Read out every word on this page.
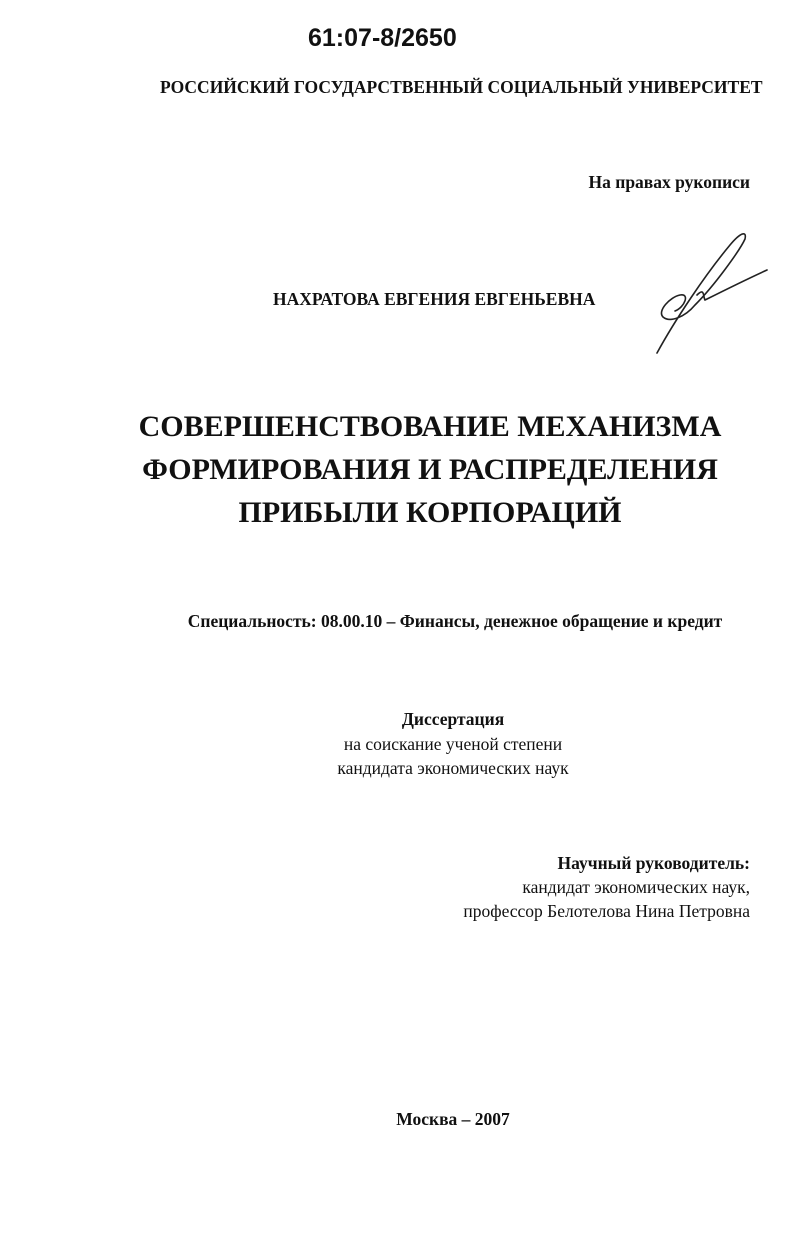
61:07-8/2650
РОССИЙСКИЙ ГОСУДАРСТВЕННЫЙ СОЦИАЛЬНЫЙ УНИВЕРСИТЕТ
На правах рукописи
НАХРАТОВА ЕВГЕНИЯ ЕВГЕНЬЕВНА
СОВЕРШЕНСТВОВАНИЕ МЕХАНИЗМА
ФОРМИРОВАНИЯ И РАСПРЕДЕЛЕНИЯ
ПРИБЫЛИ КОРПОРАЦИЙ
Специальность: 08.00.10 – Финансы, денежное обращение и кредит
Диссертация
на соискание ученой степени
кандидата экономических наук
Научный руководитель:
кандидат экономических наук,
профессор Белотелова Нина Петровна
Москва – 2007
